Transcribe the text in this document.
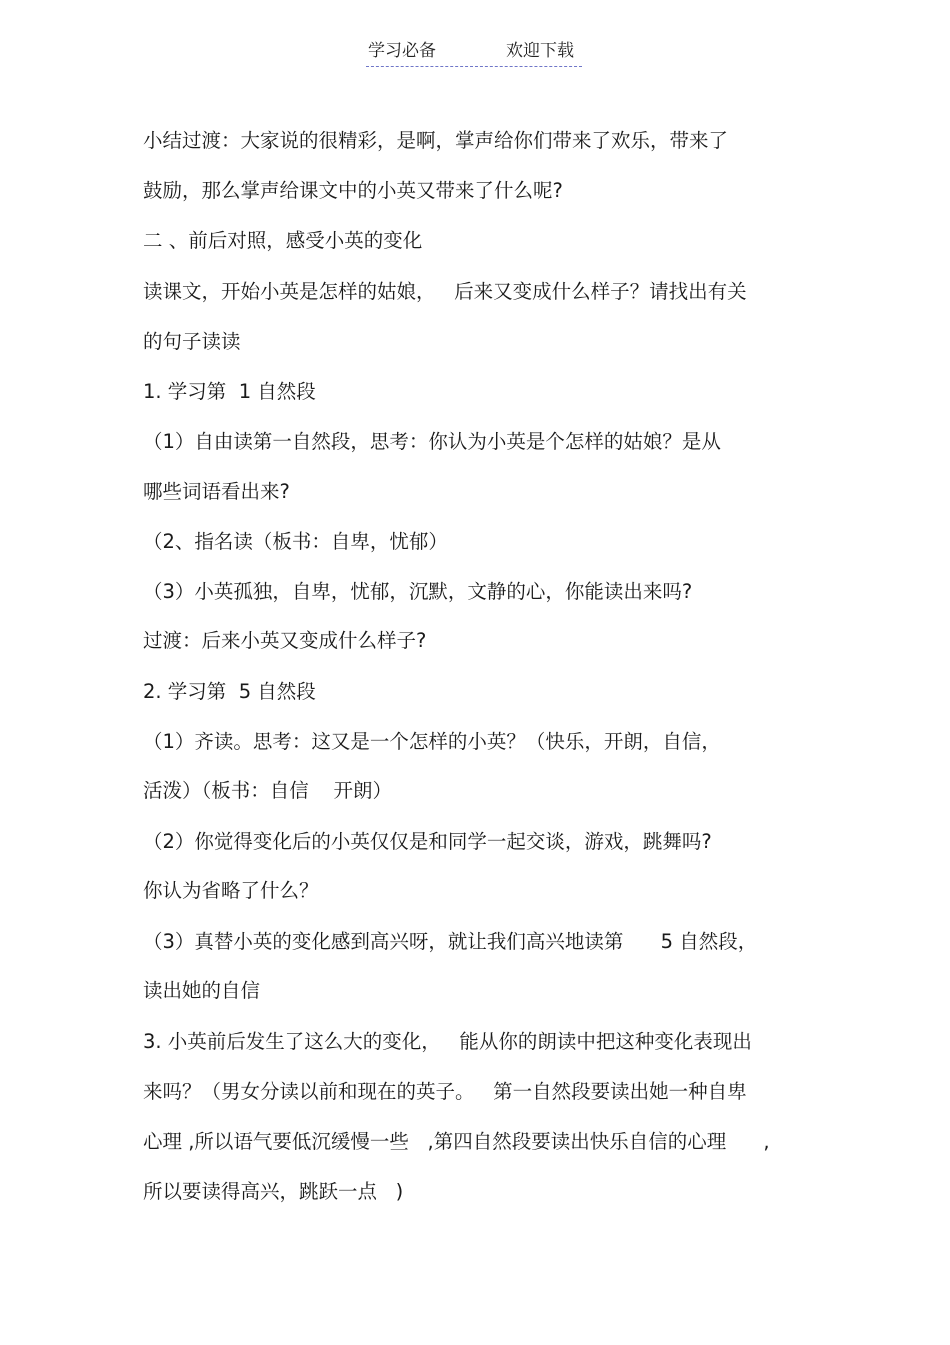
学习必备	欢迎下载
小结过渡：大家说的很精彩，是啊，掌声给你们带来了欢乐，带来了
鼓励，那么掌声给课文中的小英又带来了什么呢?
二 、前后对照，感受小英的变化
读课文，开始小英是怎样的姑娘，   后来又变成什么样子？请找出有关
的句子读读
1. 学习第  1 自然段
（1）自由读第一自然段，思考：你认为小英是个怎样的姑娘？是从
哪些词语看出来?
（2、指名读（板书：自卑，忧郁）
（3）小英孤独，自卑，忧郁，沉默，文静的心，你能读出来吗?
过渡：后来小英又变成什么样子?
2. 学习第  5 自然段
（1）齐读。思考：这又是一个怎样的小英？（快乐，开朗，自信，
活泼）（板书：自信    开朗）
（2）你觉得变化后的小英仅仅是和同学一起交谈，游戏，跳舞吗?
你认为省略了什么？
（3）真替小英的变化感到高兴呀，就让我们高兴地读第      5 自然段，
读出她的自信
3. 小英前后发生了这么大的变化，   能从你的朗读中把这种变化表现出
来吗？（男女分读以前和现在的英子。   第一自然段要读出她一种自卑
心理 ,所以语气要低沉缓慢一些   ,第四自然段要读出快乐自信的心理      ,
所以要读得高兴，跳跃一点   )
